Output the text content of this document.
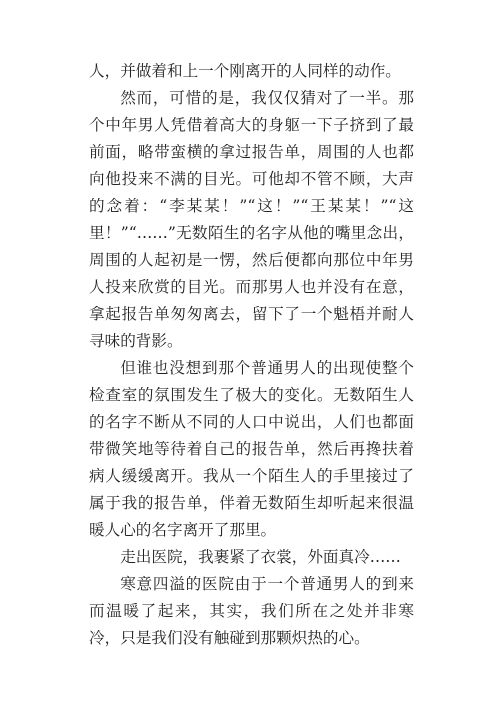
人，并做着和上一个刚离开的人同样的动作。

然而，可惜的是，我仅仅猜对了一半。那个中年男人凭借着高大的身躯一下子挤到了最前面，略带蛮横的拿过报告单，周围的人也都向他投来不满的目光。可他却不管不顾，大声的念着：“李某某！”“这！”“王某某！”“这里！”“……”无数陌生的名字从他的嘴里念出，周围的人起初是一愣，然后便都向那位中年男人投来欣赏的目光。而那男人也并没有在意，拿起报告单匆匆离去，留下了一个魁梧并耐人寻味的背影。

但谁也没想到那个普通男人的出现使整个检查室的氛围发生了极大的变化。无数陌生人的名字不断从不同的人口中说出，人们也都面带微笑地等待着自己的报告单，然后再搀扶着病人缓缓离开。我从一个陌生人的手里接过了属于我的报告单，伴着无数陌生却听起来很温暖人心的名字离开了那里。

走出医院，我裹紧了衣裳，外面真冷……

寒意四溢的医院由于一个普通男人的到来而温暖了起来，其实，我们所在之处并非寒冷，只是我们没有触碰到那颗炽热的心。
